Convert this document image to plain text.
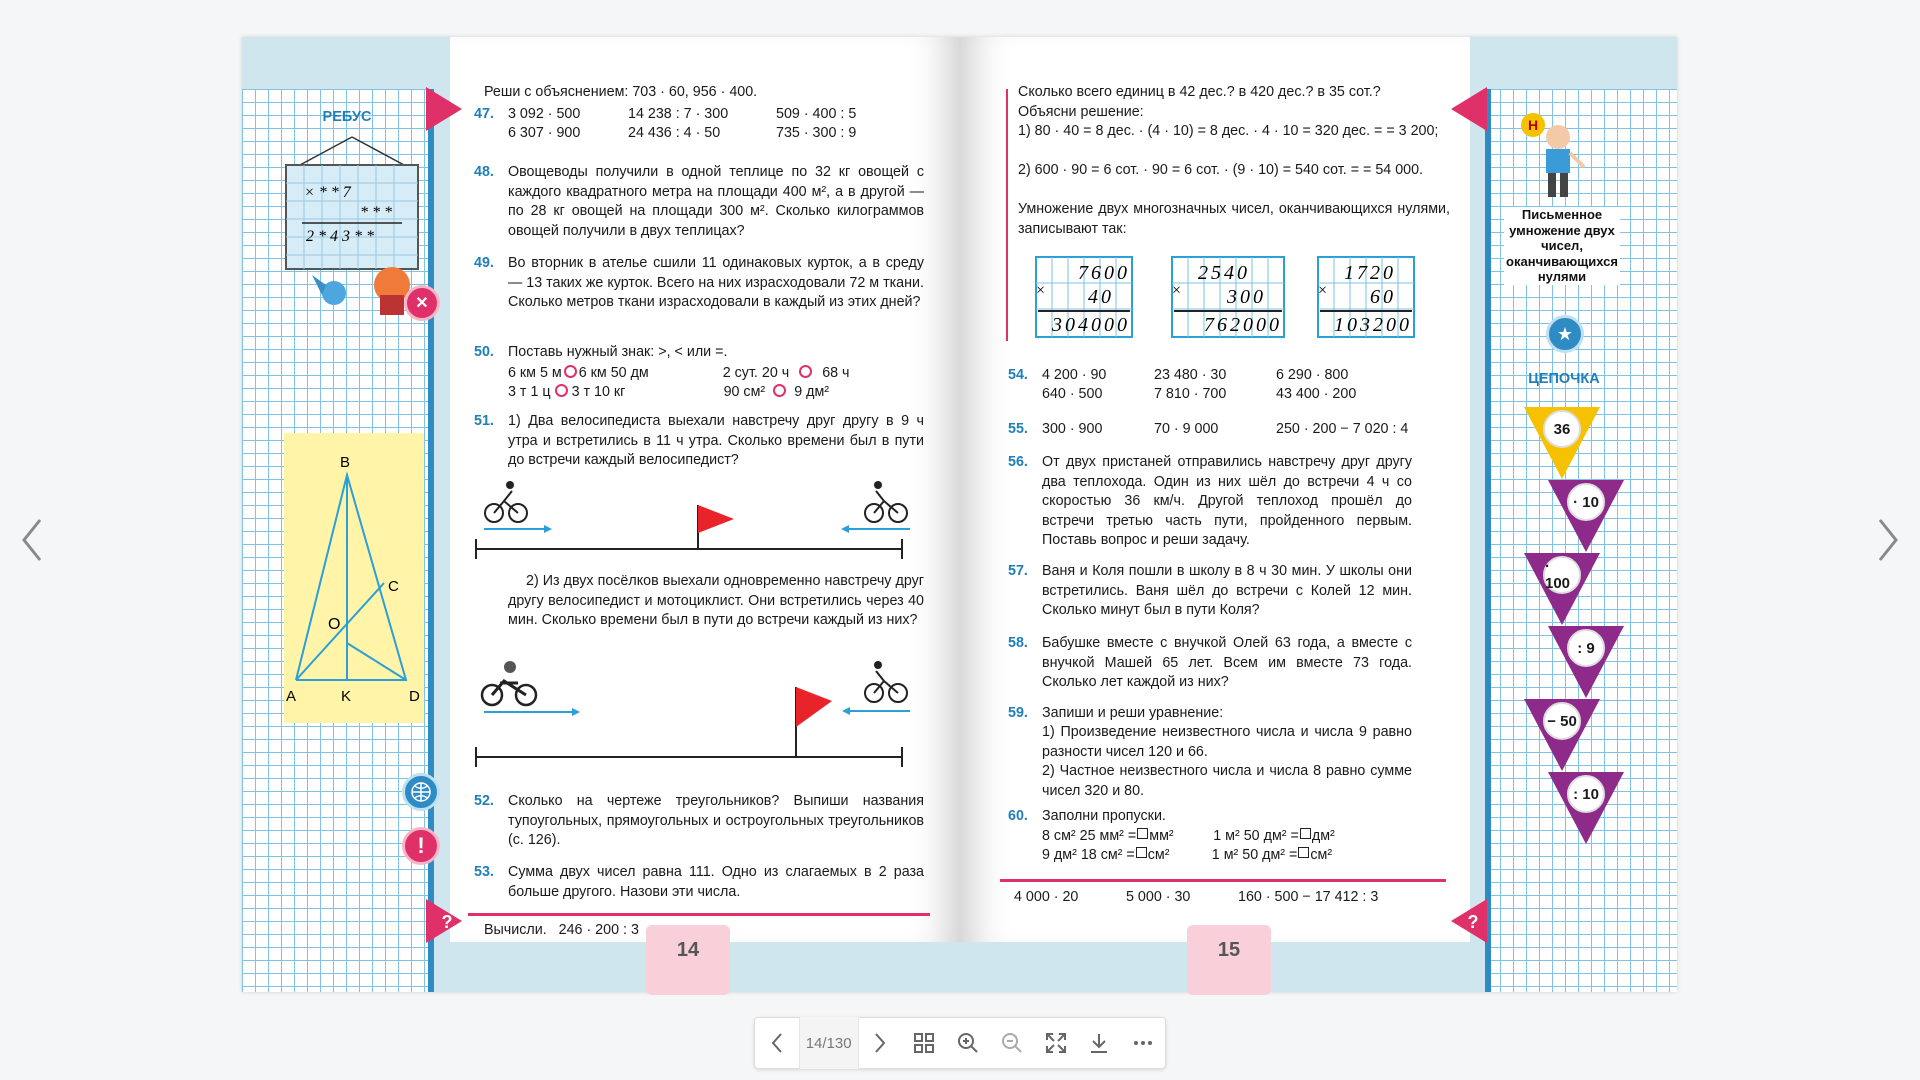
РЕБУС
× * * 7
* * *
2 * 4 3 * *
✕
B
C
O
A	K	D
!
Реши с объяснением: 703 · 60, 956 · 400.
47. 3 092 · 500	14 238 : 7 · 300	509 · 400 : 5
6 307 · 900	24 436 : 4 · 50	735 · 300 : 9
48. Овощеводы получили в одной теплице по 32 кг овощей с каждого квадратного метра на площади 400 м², а в другой — по 28 кг овощей на площади 300 м². Сколько килограммов овощей получили в двух теплицах?
49. Во вторник в ателье сшили 11 одинаковых курток, а в среду — 13 таких же курток. Всего на них израсходовали 72 м ткани. Сколько метров ткани израсходовали в каждый из этих дней?
50. Поставь нужный знак: >, < или =.
6 км 5 м 6 км 50 дм	2 сут. 20 ч 68 ч
3 т 1 ц 3 т 10 кг	90 см² 9 дм²
51. 1) Два велосипедиста выехали навстречу друг другу в 9 ч утра и встретились в 11 ч утра. Сколько времени был в пути до встречи каждый велосипедист?
2) Из двух посёлков выехали одновременно навстречу друг другу велосипедист и мотоциклист. Они встретились через 40 мин. Сколько времени был в пути до встречи каждый из них?
52. Сколько на чертеже треугольников? Выпиши названия тупоугольных, прямоугольных и остроугольных треугольников (с. 126).
53. Сумма двух чисел равна 111. Одно из слагаемых в 2 раза больше другого. Назови эти числа.
?	Вычисли.   246 · 200 : 3
14
Сколько всего единиц в 42 дес.? в 420 дес.? в 35 сот.?
Объясни решение:
1) 80 · 40 = 8 дес. · (4 · 10) = 8 дес. · 4 · 10 = 320 дес. = = 3 200;
2) 600 · 90 = 6 сот. · 90 = 6 сот. · (9 · 10) = 540 сот. = = 54 000.
Умножение двух многозначных чисел, оканчивающихся нулями, записывают так:
×
7600
40
304000
×
2540
300
762000
×
1720
60
103200
54. 4 200 · 90	23 480 · 30	6 290 · 800
640 · 500	7 810 · 700	43 400 · 200
55. 300 · 900	70 · 9 000	250 · 200 − 7 020 : 4
56. От двух пристаней отправились навстречу друг другу два теплохода. Один из них шёл до встречи 4 ч со скоростью 36 км/ч. Другой теплоход прошёл до встречи третью часть пути, пройденного первым. Поставь вопрос и реши задачу.
57. Ваня и Коля пошли в школу в 8 ч 30 мин. У школы они встретились. Ваня шёл до встречи с Колей 12 мин. Сколько минут был в пути Коля?
58. Бабушке вместе с внучкой Олей 63 года, а вместе с внучкой Машей 65 лет. Всем им вместе 73 года. Сколько лет каждой из них?
59. Запиши и реши уравнение:
1) Произведение неизвестного числа и числа 9 равно разности чисел 120 и 66.
2) Частное неизвестного числа и числа 8 равно сумме чисел 320 и 80.
60. Заполни пропуски.
8 см² 25 мм² = мм²	1 м² 50 дм² = дм²
9 дм² 18 см² = см²	1 м² 50 дм² = см²
?
4 000 · 20	5 000 · 30	160 · 500 − 17 412 : 3
15
Н
Письменное умножение двух чисел, оканчивающихся нулями
★
ЦЕПОЧКА
36
· 10
· 100
: 9
− 50
: 10
14/130
